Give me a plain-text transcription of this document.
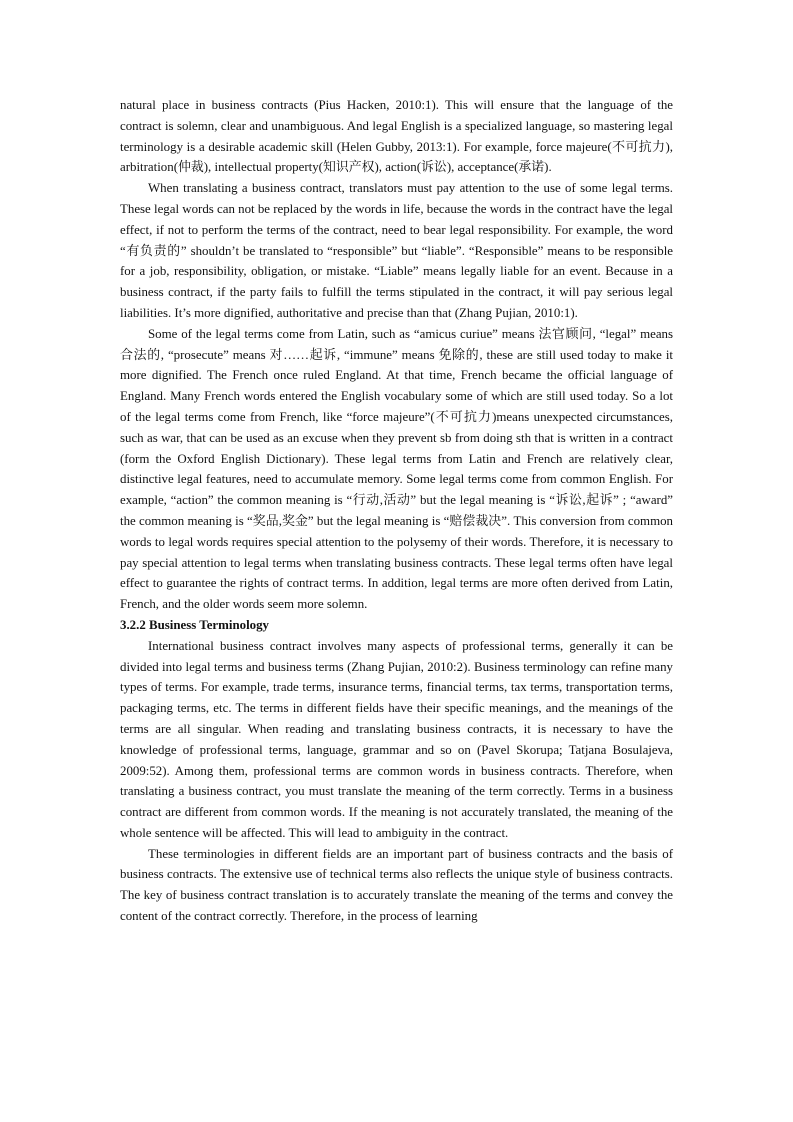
natural place in business contracts (Pius Hacken, 2010:1). This will ensure that the language of the contract is solemn, clear and unambiguous. And legal English is a specialized language, so mastering legal terminology is a desirable academic skill (Helen Gubby, 2013:1). For example, force majeure(不可抗力), arbitration(仲裁), intellectual property(知识产权), action(诉讼), acceptance(承诺).

When translating a business contract, translators must pay attention to the use of some legal terms. These legal words can not be replaced by the words in life, because the words in the contract have the legal effect, if not to perform the terms of the contract, need to bear legal responsibility. For example, the word “有负责的” shouldn’t be translated to “responsible” but “liable”. “Responsible” means to be responsible for a job, responsibility, obligation, or mistake. “Liable” means legally liable for an event. Because in a business contract, if the party fails to fulfill the terms stipulated in the contract, it will pay serious legal liabilities. It’s more dignified, authoritative and precise than that (Zhang Pujian, 2010:1).

Some of the legal terms come from Latin, such as “amicus curiue” means 法官顾问, “legal” means 合法的, “prosecute” means 对……起诉, “immune” means 免除的, these are still used today to make it more dignified. The French once ruled England. At that time, French became the official language of England. Many French words entered the English vocabulary some of which are still used today. So a lot of the legal terms come from French, like “force majeure”(不可抗力)means unexpected circumstances, such as war, that can be used as an excuse when they prevent sb from doing sth that is written in a contract (form the Oxford English Dictionary). These legal terms from Latin and French are relatively clear, distinctive legal features, need to accumulate memory. Some legal terms come from common English. For example, “action” the common meaning is “行动,活动” but the legal meaning is “诉讼,起诉” ; “award” the common meaning is “奖品,奖金” but the legal meaning is “赔偿裁决”. This conversion from common words to legal words requires special attention to the polysemy of their words. Therefore, it is necessary to pay special attention to legal terms when translating business contracts. These legal terms often have legal effect to guarantee the rights of contract terms. In addition, legal terms are more often derived from Latin, French, and the older words seem more solemn.

3.2.2 Business Terminology

International business contract involves many aspects of professional terms, generally it can be divided into legal terms and business terms (Zhang Pujian, 2010:2). Business terminology can refine many types of terms. For example, trade terms, insurance terms, financial terms, tax terms, transportation terms, packaging terms, etc. The terms in different fields have their specific meanings, and the meanings of the terms are all singular. When reading and translating business contracts, it is necessary to have the knowledge of professional terms, language, grammar and so on (Pavel Skorupa; Tatjana Bosulajeva, 2009:52). Among them, professional terms are common words in business contracts. Therefore, when translating a business contract, you must translate the meaning of the term correctly. Terms in a business contract are different from common words. If the meaning is not accurately translated, the meaning of the whole sentence will be affected. This will lead to ambiguity in the contract.

These terminologies in different fields are an important part of business contracts and the basis of business contracts. The extensive use of technical terms also reflects the unique style of business contracts. The key of business contract translation is to accurately translate the meaning of the terms and convey the content of the contract correctly. Therefore, in the process of learning
